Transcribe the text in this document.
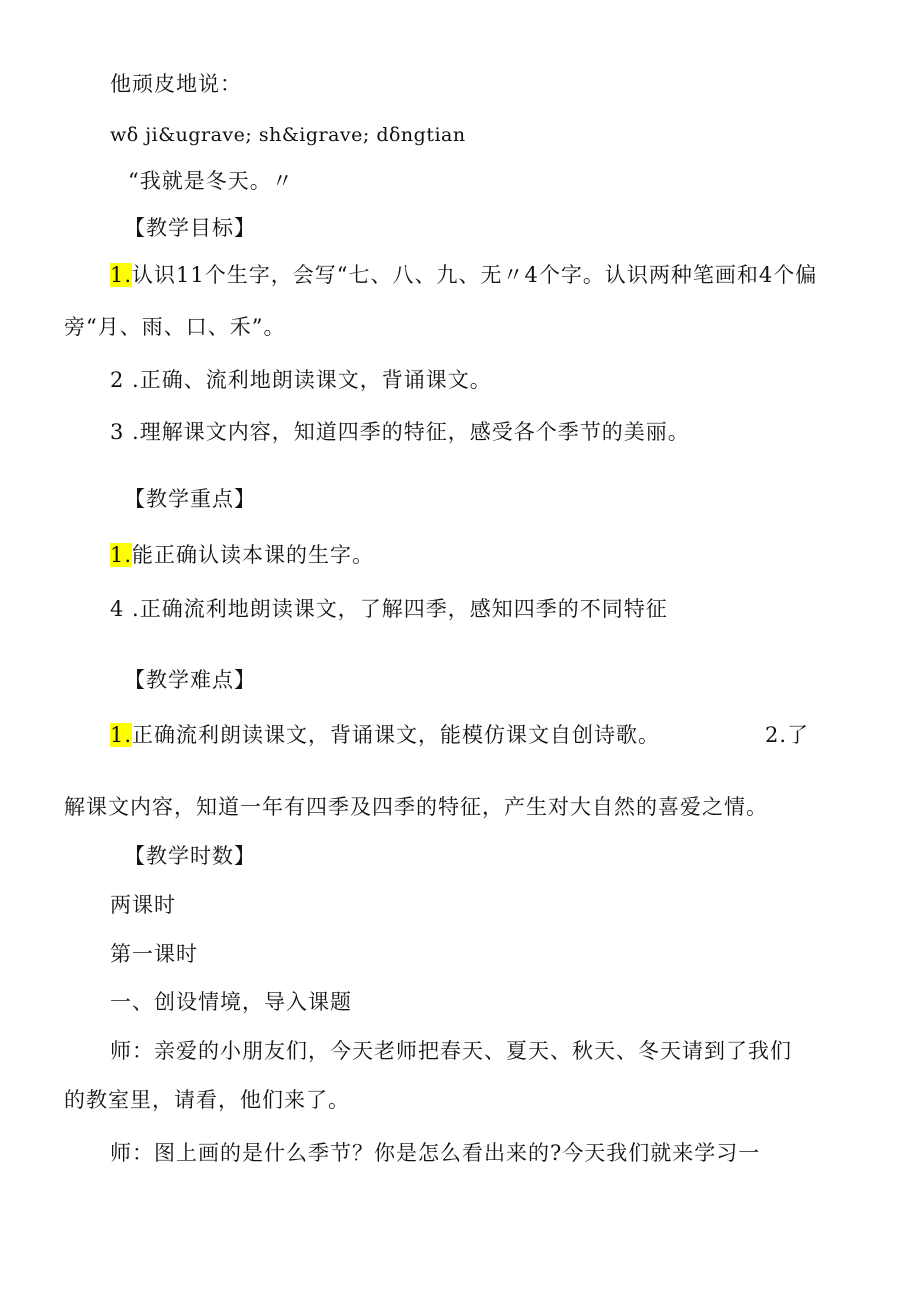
他顽皮地说：
wδ ji&ugrave; sh&igrave; dδngtian
“我就是冬天。〃
【教学目标】
1.认识11个生字，会写“七、八、九、无〃4个字。认识两种笔画和4个偏
旁“月、雨、口、禾”。
2 .正确、流利地朗读课文，背诵课文。
3 .理解课文内容，知道四季的特征，感受各个季节的美丽。
【教学重点】
1.能正确认读本课的生字。
4 .正确流利地朗读课文，了解四季，感知四季的不同特征
【教学难点】
1.正确流利朗读课文，背诵课文，能模仿课文自创诗歌。	2.了
解课文内容，知道一年有四季及四季的特征，产生对大自然的喜爱之情。
【教学时数】
两课时
第一课时
一、创设情境，导入课题
师：亲爱的小朋友们，今天老师把春天、夏天、秋天、冬天请到了我们
的教室里，请看，他们来了。
师：图上画的是什么季节？你是怎么看出来的?今天我们就来学习一
